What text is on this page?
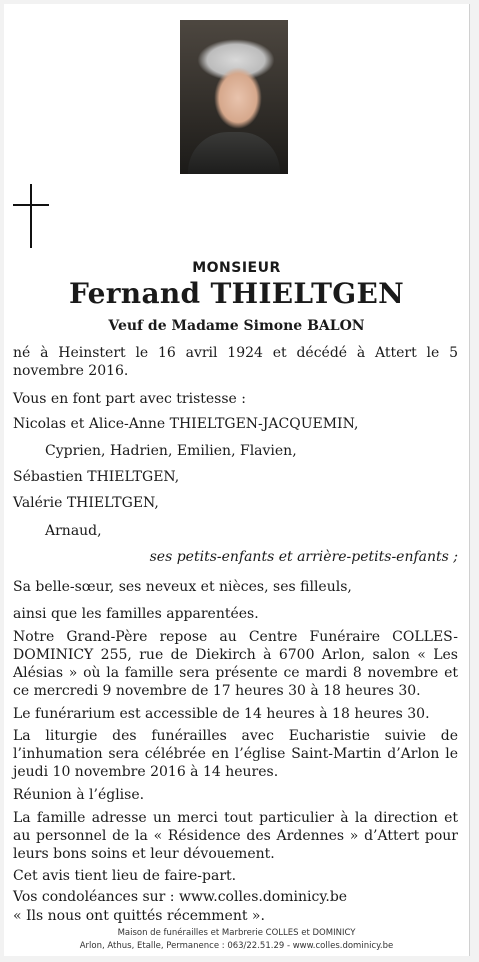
MONSIEUR
Fernand THIELTGEN
Veuf de Madame Simone BALON
né à Heinstert le 16 avril 1924 et décédé à Attert le 5 novembre 2016.
Vous en font part avec tristesse :
Nicolas et Alice-Anne THIELTGEN-JACQUEMIN,
Cyprien, Hadrien, Emilien, Flavien,
Sébastien THIELTGEN,
Valérie THIELTGEN,
Arnaud,
ses petits-enfants et arrière-petits-enfants ;
Sa belle-sœur, ses neveux et nièces, ses filleuls,
ainsi que les familles apparentées.
Notre Grand-Père repose au Centre Funéraire COLLES-DOMINICY 255, rue de Diekirch à 6700 Arlon, salon « Les Alésias » où la famille sera présente ce mardi 8 novembre et ce mercredi 9 novembre de 17 heures 30 à 18 heures 30.
Le funérarium est accessible de 14 heures à 18 heures 30.
La liturgie des funérailles avec Eucharistie suivie de l’inhumation sera célébrée en l’église Saint-Martin d’Arlon le jeudi 10 novembre 2016 à 14 heures.
Réunion à l’église.
La famille adresse un merci tout particulier à la direction et au personnel de la « Résidence des Ardennes » d’Attert pour leurs bons soins et leur dévouement.
Cet avis tient lieu de faire-part.
Vos condoléances sur : www.colles.dominicy.be
« Ils nous ont quittés récemment ».
Maison de funérailles et Marbrerie COLLES et DOMINICY
Arlon, Athus, Etalle, Permanence : 063/22.51.29 - www.colles.dominicy.be
